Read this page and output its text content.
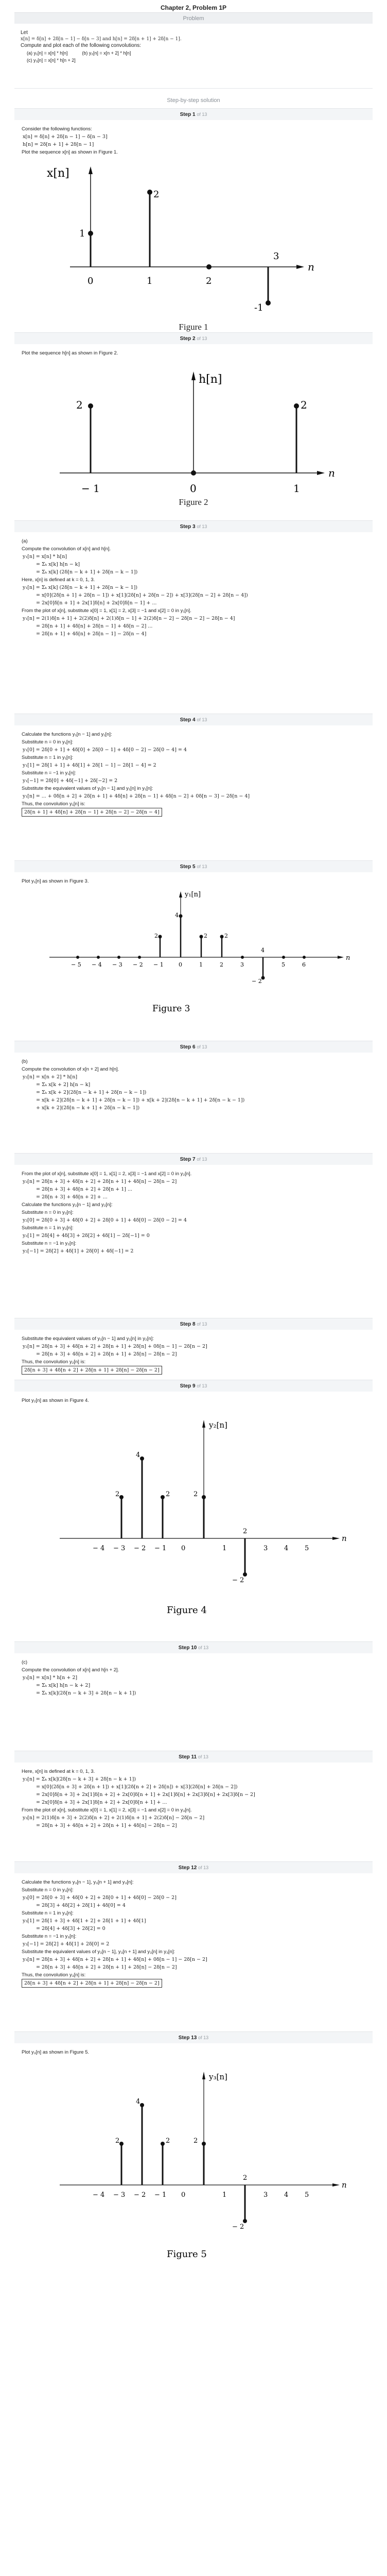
Chapter 2, Problem 1P
Problem
Let
x[n] = δ[n] + 2δ[n − 1] − δ[n − 3] and h[n] = 2δ[n + 1] + 2δ[n − 1].
Compute and plot each of the following convolutions:
(a) y₁[n] = x[n] * h[n]	(b) y₂[n] = x[n + 2] * h[n]
(c) y₃[n] = x[n] * h[n + 2]
Step-by-step solution
Step 1 of 13
Consider the following functions:
x[n] = δ[n] + 2δ[n − 1] − δ[n − 3]
h[n] = 2δ[n + 1] + 2δ[n − 1]
Plot the sequence x[n] as shown in Figure 1.
x[n]
n
1
2
-1
0	1	2
3
Figure 1
Step 2 of 13
Plot the sequence h[n] as shown in Figure 2.
h[n]
n
2	2
− 1	0	1
Figure 2
Step 3 of 13
(a)
Compute the convolution of x[n] and h[n].
y₁[n] = x[n] * h[n]
= Σₖ x[k] h[n − k]
= Σₖ x[k] (2δ[n − k + 1] + 2δ[n − k − 1])
Here, x[n] is defined at k = 0, 1, 3.
y₁[n] = Σₖ x[k] (2δ[n − k + 1] + 2δ[n − k − 1])
= x[0](2δ[n + 1] + 2δ[n − 1]) + x[1](2δ[n] + 2δ[n − 2]) + x[3](2δ[n − 2] + 2δ[n − 4])
= 2x[0]δ[n + 1] + 2x[1]δ[n] + 2x[0]δ[n − 1] + ...
From the plot of x[n], substitute x[0] = 1, x[1] = 2, x[3] = −1 and x[2] = 0 in y₁[n].
y₁[n] = 2(1)δ[n + 1] + 2(2)δ[n] + 2(1)δ[n − 1] + 2(2)δ[n − 2] − 2δ[n − 2] − 2δ[n − 4]
= 2δ[n + 1] + 4δ[n] + 2δ[n − 1] + 4δ[n − 2] ...
= 2δ[n + 1] + 4δ[n] + 2δ[n − 1] − 2δ[n − 4]
Step 4 of 13
Calculate the functions y₁[n − 1] and y₁[n]:
Substitute n = 0 in y₁[n]:
y₁[0] = 2δ[0 + 1] + 4δ[0] + 2δ[0 − 1] + 4δ[0 − 2] − 2δ[0 − 4] = 4
Substitute n = 1 in y₁[n]:
y₁[1] = 2δ[1 + 1] + 4δ[1] + 2δ[1 − 1] − 2δ[1 − 4] = 2
Substitute n = −1 in y₁[n]:
y₁[−1] = 2δ[0] + 4δ[−1] + 2δ[−2] = 2
Substitute the equivalent values of y₁[n − 1] and y₁[n] in y₁[n]:
y₁[n] = ... + 0δ[n + 2] + 2δ[n + 1] + 4δ[n] + 2δ[n − 1] + 4δ[n − 2] + 0δ[n − 3] − 2δ[n − 4]
Thus, the convolution y₁[n] is:
2δ[n + 1] + 4δ[n] + 2δ[n − 1] + 2δ[n − 2] − 2δ[n − 4]
Step 5 of 13
Plot y₁[n] as shown in Figure 3.
y₁[n]
n
2
4
2	2
− 2
− 5 − 4 − 3 − 2 − 1	0	1	2	3
4
5	6
Figure 3
Step 6 of 13
(b)
Compute the convolution of x[n + 2] and h[n].
y₂[n] = x[n + 2] * h[n]
= Σₖ x[k + 2] h[n − k]
= Σₖ x[k + 2](2δ[n − k + 1] + 2δ[n − k − 1])
= x[k + 2](2δ[n − k + 1] + 2δ[n − k − 1]) + x[k + 2](2δ[n − k + 1] + 2δ[n − k − 1])
+ x[k + 2](2δ[n − k + 1] + 2δ[n − k − 1])
Step 7 of 13
From the plot of x[n], substitute x[0] = 1, x[1] = 2, x[3] = −1 and x[2] = 0 in y₂[n].
y₂[n] = 2δ[n + 3] + 4δ[n + 2] + 2δ[n + 1] + 4δ[n] − 2δ[n − 2]
= 2δ[n + 3] + 4δ[n + 2] + 2δ[n + 1] ...
= 2δ[n + 3] + 4δ[n + 2] + ...
Calculate the functions y₂[n − 1] and y₂[n]:
Substitute n = 0 in y₂[n]:
y₂[0] = 2δ[0 + 3] + 4δ[0 + 2] + 2δ[0 + 1] + 4δ[0] − 2δ[0 − 2] = 4
Substitute n = 1 in y₂[n]:
y₂[1] = 2δ[4] + 4δ[3] + 2δ[2] + 4δ[1] − 2δ[−1] = 0
Substitute n = −1 in y₂[n]:
y₂[−1] = 2δ[2] + 4δ[1] + 2δ[0] + 4δ[−1] = 2
Step 8 of 13
Substitute the equivalent values of y₂[n − 1] and y₂[n] in y₂[n]:
y₂[n] = 2δ[n + 3] + 4δ[n + 2] + 2δ[n + 1] + 2δ[n] + 0δ[n − 1] − 2δ[n − 2]
= 2δ[n + 3] + 4δ[n + 2] + 2δ[n + 1] + 2δ[n] − 2δ[n − 2]
Thus, the convolution y₂[n] is:
2δ[n + 3] + 4δ[n + 2] + 2δ[n + 1] + 2δ[n] − 2δ[n − 2]
Step 9 of 13
Plot y₂[n] as shown in Figure 4.
y₂[n]
n
2
4
2	2
− 2
− 4 − 3 − 2 − 1 0	1
2
3 4 5
Figure 4
Step 10 of 13
(c)
Compute the convolution of x[n] and h[n + 2].
y₃[n] = x[n] * h[n + 2]
= Σₖ x[k] h[n − k + 2]
= Σₖ x[k](2δ[n − k + 3] + 2δ[n − k + 1])
Step 11 of 13
Here, x[n] is defined at k = 0, 1, 3.
y₃[n] = Σₖ x[k](2δ[n − k + 3] + 2δ[n − k + 1])
= x[0](2δ[n + 3] + 2δ[n + 1]) + x[1](2δ[n + 2] + 2δ[n]) + x[3](2δ[n] + 2δ[n − 2])
= 2x[0]δ[n + 3] + 2x[1]δ[n + 2] + 2x[0]δ[n + 1] + 2x[1]δ[n] + 2x[3]δ[n] + 2x[3]δ[n − 2]
= 2x[0]δ[n + 3] + 2x[1]δ[n + 2] + 2x[0]δ[n + 1] + ...
From the plot of x[n], substitute x[0] = 1, x[1] = 2, x[3] = −1 and x[2] = 0 in y₃[n].
y₃[n] = 2(1)δ[n + 3] + 2(2)δ[n + 2] + 2(1)δ[n + 1] + 2(2)δ[n] − 2δ[n − 2]
= 2δ[n + 3] + 4δ[n + 2] + 2δ[n + 1] + 4δ[n] − 2δ[n − 2]
Step 12 of 13
Calculate the functions y₃[n − 1], y₃[n + 1] and y₃[n]:
Substitute n = 0 in y₃[n]:
y₃[0] = 2δ[0 + 3] + 4δ[0 + 2] + 2δ[0 + 1] + 4δ[0] − 2δ[0 − 2]
= 2δ[3] + 4δ[2] + 2δ[1] + 4δ[0] = 4
Substitute n = 1 in y₃[n]:
y₃[1] = 2δ[1 + 3] + 4δ[1 + 2] + 2δ[1 + 1] + 4δ[1]
= 2δ[4] + 4δ[3] + 2δ[2] = 0
Substitute n = −1 in y₃[n]:
y₃[−1] = 2δ[2] + 4δ[1] + 2δ[0] = 2
Substitute the equivalent values of y₃[n − 1], y₃[n + 1] and y₃[n] in y₃[n]:
y₃[n] = 2δ[n + 3] + 4δ[n + 2] + 2δ[n + 1] + 4δ[n] + 0δ[n − 1] − 2δ[n − 2]
= 2δ[n + 3] + 4δ[n + 2] + 2δ[n + 1] + 2δ[n] − 2δ[n − 2]
Thus, the convolution y₃[n] is:
2δ[n + 3] + 4δ[n + 2] + 2δ[n + 1] + 2δ[n] − 2δ[n − 2]
Step 13 of 13
Plot y₃[n] as shown in Figure 5.
y₃[n]
n
2
4
2	2
− 2
− 4 − 3 − 2 − 1 0	1
2
3 4 5
Figure 5
